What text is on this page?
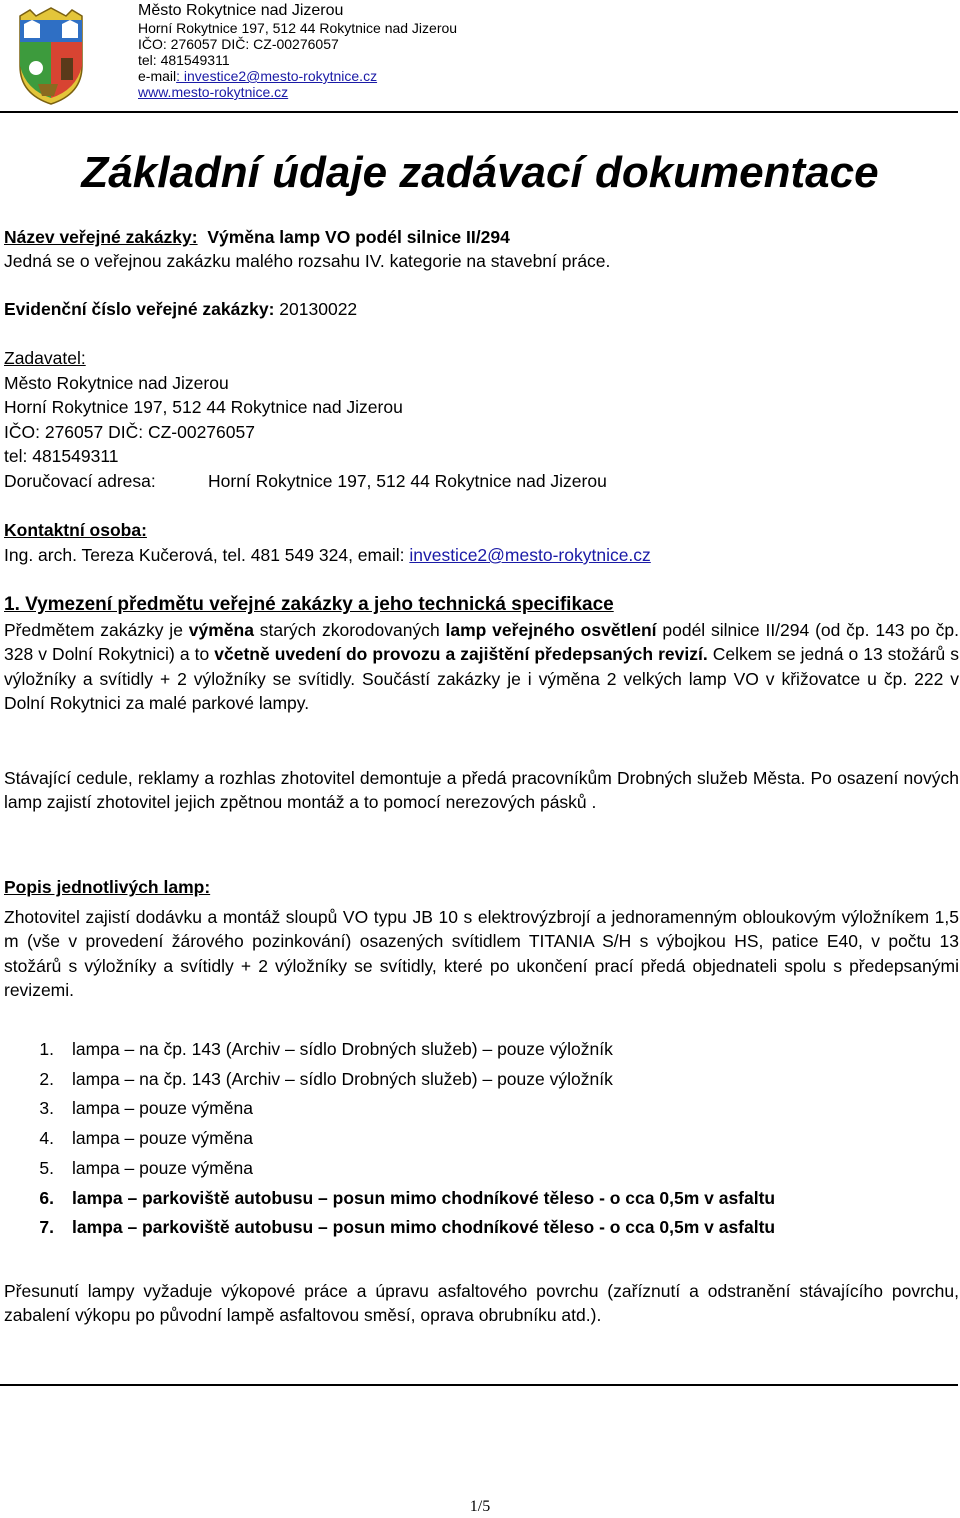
Město Rokytnice nad Jizerou
Horní Rokytnice 197, 512 44 Rokytnice nad Jizerou
IČO: 276057 DIČ: CZ-00276057
tel: 481549311
e-mail: investice2@mesto-rokytnice.cz
www.mesto-rokytnice.cz
Základní údaje zadávací dokumentace
Název veřejné zakázky: Výměna lamp VO podél silnice II/294
Jedná se o veřejnou zakázku malého rozsahu IV. kategorie na stavební práce.
Evidenční číslo veřejné zakázky: 20130022
Zadavatel:
Město Rokytnice nad Jizerou
Horní Rokytnice 197, 512 44 Rokytnice nad Jizerou
IČO: 276057 DIČ: CZ-00276057
tel: 481549311
Doručovací adresa:	Horní Rokytnice 197, 512 44 Rokytnice nad Jizerou
Kontaktní osoba:
Ing. arch. Tereza Kučerová, tel. 481 549 324, email: investice2@mesto-rokytnice.cz
1. Vymezení předmětu veřejné zakázky a jeho technická specifikace
Předmětem zakázky je výměna starých zkorodovaných lamp veřejného osvětlení podél silnice II/294 (od čp. 143 po čp. 328 v Dolní Rokytnici) a to včetně uvedení do provozu a zajištění předepsaných revizí. Celkem se jedná o 13 stožárů s výložníky a svítidly + 2 výložníky se svítidly. Součástí zakázky je i výměna 2 velkých lamp VO v křižovatce u čp. 222 v Dolní Rokytnici za malé parkové lampy.
Stávající cedule, reklamy a rozhlas zhotovitel demontuje a předá pracovníkům Drobných služeb Města. Po osazení nových lamp zajistí zhotovitel jejich zpětnou montáž a to pomocí nerezových pásků .
Popis jednotlivých lamp:
Zhotovitel zajistí dodávku a montáž sloupů VO typu JB 10 s elektrovýzbrojí a jednoramenným obloukovým výložníkem 1,5 m (vše v provedení žárového pozinkování) osazených svítidlem TITANIA S/H s výbojkou HS, patice E40, v počtu 13 stožárů s výložníky a svítidly + 2 výložníky se svítidly, které po ukončení prací předá objednateli spolu s předepsanými revizemi.
1. lampa – na čp. 143 (Archiv – sídlo Drobných služeb) – pouze výložník
2. lampa – na čp. 143 (Archiv – sídlo Drobných služeb) – pouze výložník
3. lampa – pouze výměna
4. lampa – pouze výměna
5. lampa – pouze výměna
6. lampa – parkoviště autobusu – posun mimo chodníkové těleso - o cca 0,5m v asfaltu
7. lampa – parkoviště autobusu – posun mimo chodníkové těleso - o cca 0,5m v asfaltu
Přesunutí lampy vyžaduje výkopové práce a úpravu asfaltového povrchu (zaříznutí a odstranění stávajícího povrchu, zabalení výkopu po původní lampě asfaltovou směsí, oprava obrubníku atd.).
1/5
